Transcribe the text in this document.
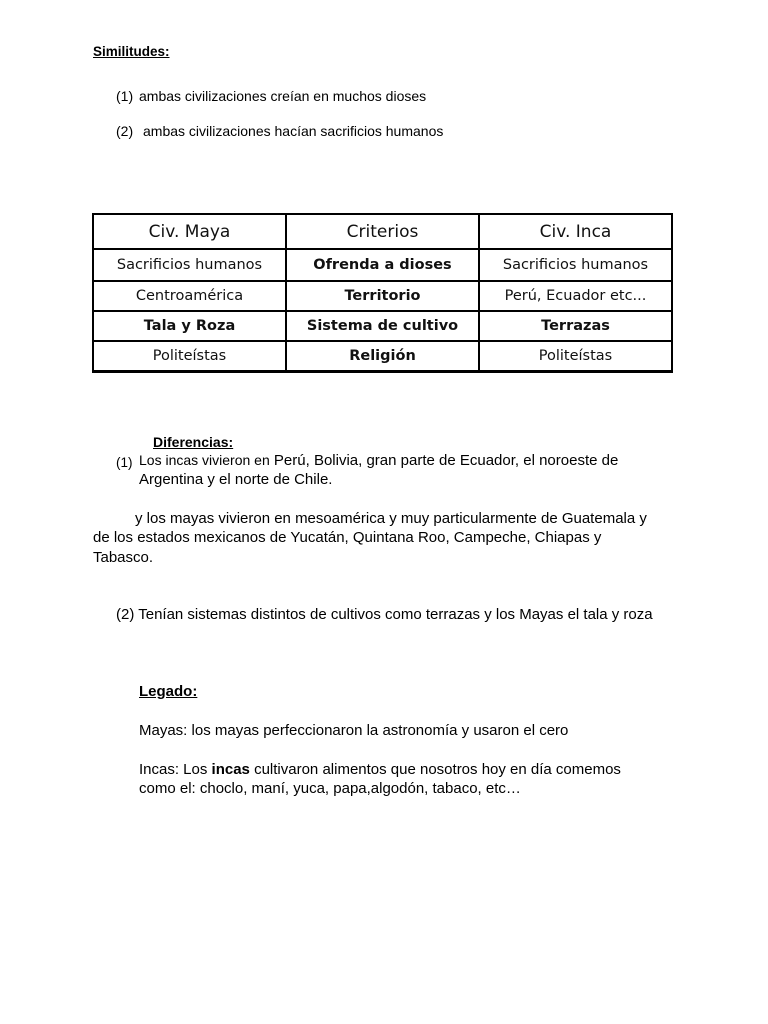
Similitudes:
(1) ambas civilizaciones creían en muchos dioses
(2) ambas civilizaciones hacían sacrificios humanos
Civ. Maya	Criterios	Civ. Inca
Sacrificios humanos	Ofrenda a dioses	Sacrificios humanos
Centroamérica	Territorio	Perú, Ecuador etc...
Tala y Roza	Sistema de cultivo	Terrazas
Politeístas	Religión	Politeístas
Diferencias:
(1) Los incas vivieron en Perú, Bolivia, gran parte de Ecuador, el noroeste de
Argentina y el norte de Chile.
y los mayas vivieron en mesoamérica y muy particularmente de Guatemala y
de los estados mexicanos de Yucatán, Quintana Roo, Campeche, Chiapas y
Tabasco.
(2) Tenían sistemas distintos de cultivos como terrazas y los Mayas el tala y roza
Legado:
Mayas: los mayas perfeccionaron la astronomía y usaron el cero
Incas: Los incas cultivaron alimentos que nosotros hoy en día comemos
como el: choclo, maní, yuca, papa,algodón, tabaco, etc…
